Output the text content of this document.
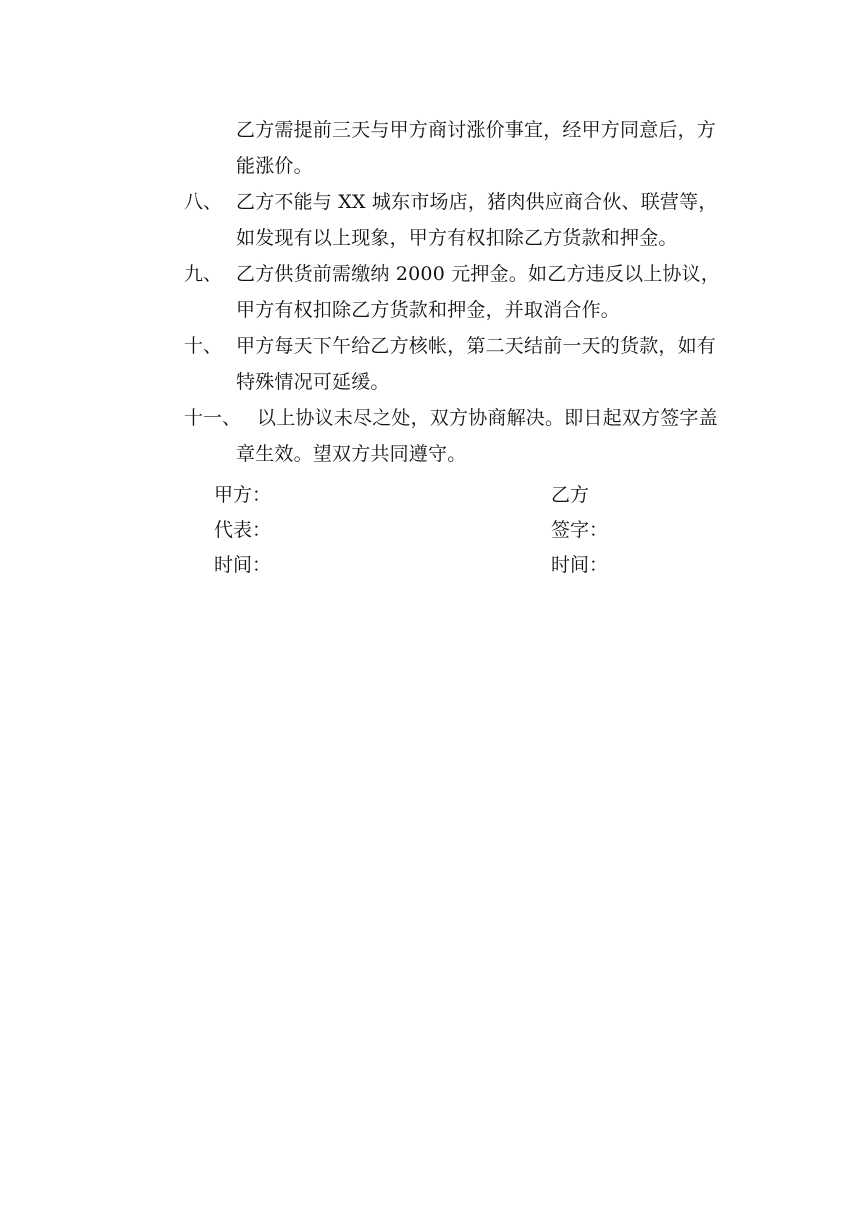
乙方需提前三天与甲方商讨涨价事宜，经甲方同意后，方
能涨价。
八、 乙方不能与 XX 城东市场店，猪肉供应商合伙、联营等，
如发现有以上现象，甲方有权扣除乙方货款和押金。
九、 乙方供货前需缴纳 2000 元押金。如乙方违反以上协议，
甲方有权扣除乙方货款和押金，并取消合作。
十、 甲方每天下午给乙方核帐，第二天结前一天的货款，如有
特殊情况可延缓。
十一、 以上协议未尽之处，双方协商解决。即日起双方签字盖
章生效。望双方共同遵守。
甲方：
代表：
时间：
乙方
签字：
时间：
